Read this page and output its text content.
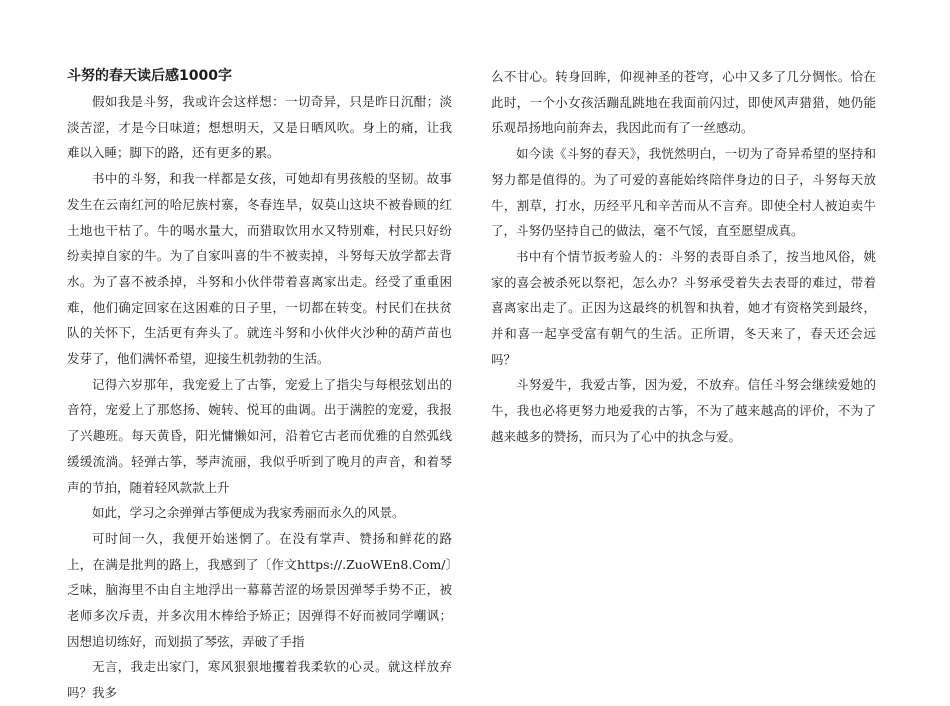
斗努的春天读后感1000字

假如我是斗努，我或许会这样想：一切奇异，只是昨日沉酣；淡淡苦涩，才是今日味道；想想明天，又是日晒风吹。身上的痛，让我难以入睡；脚下的路，还有更多的累。

书中的斗努，和我一样都是女孩，可她却有男孩般的坚韧。故事发生在云南红河的哈尼族村寨，冬春连旱，奴莫山这块不被眷顾的红土地也干枯了。牛的喝水量大，而猎取饮用水又特别难，村民只好纷纷卖掉自家的牛。为了自家叫喜的牛不被卖掉，斗努每天放学都去背水。为了喜不被杀掉，斗努和小伙伴带着喜离家出走。经受了重重困难，他们确定回家在这困难的日子里，一切都在转变。村民们在扶贫队的关怀下，生活更有奔头了。就连斗努和小伙伴火沙种的葫芦苗也发芽了，他们满怀希望，迎接生机勃勃的生活。

记得六岁那年，我宠爱上了古筝，宠爱上了指尖与每根弦划出的音符，宠爱上了那悠扬、婉转、悦耳的曲调。出于满腔的宠爱，我报了兴趣班。每天黄昏，阳光慵懒如河，沿着它古老而优雅的自然弧线缓缓流淌。轻弹古筝，琴声流丽，我似乎听到了晚月的声音，和着琴声的节拍，随着轻风款款上升

如此，学习之余弹弹古筝便成为我家秀丽而永久的风景。

可时间一久，我便开始迷惘了。在没有掌声、赞扬和鲜花的路上，在满是批判的路上，我感到了〔作文https://.ZuoWEn8.Com/〕乏味，脑海里不由自主地浮出一幕幕苦涩的场景因弹琴手势不正，被老师多次斥责，并多次用木棒给予矫正；因弹得不好而被同学嘲讽；因想追切练好，而划损了琴弦，弄破了手指

无言，我走出家门，寒风狠狠地攫着我柔软的心灵。就这样放弃吗？我多

么不甘心。转身回眸，仰视神圣的苍穹，心中又多了几分惆怅。恰在此时，一个小女孩活蹦乱跳地在我面前闪过，即使风声猎猎，她仍能乐观昂扬地向前奔去，我因此而有了一丝感动。

如今读《斗努的春天》，我恍然明白，一切为了奇异希望的坚持和努力都是值得的。为了可爱的喜能始终陪伴身边的日子，斗努每天放牛，割草，打水，历经平凡和辛苦而从不言弃。即使全村人被迫卖牛了，斗努仍坚持自己的做法，毫不气馁，直至愿望成真。

书中有个情节扳考验人的：斗努的表哥自杀了，按当地风俗，姚家的喜会被杀死以祭祀，怎么办？斗努承受着失去表哥的难过，带着喜离家出走了。正因为这最终的机智和执着，她才有资格笑到最终，并和喜一起享受富有朝气的生活。正所谓，冬天来了，春天还会远吗？

斗努爱牛，我爱古筝，因为爱，不放弃。信任斗努会继续爱她的牛，我也必将更努力地爱我的古筝，不为了越来越高的评价，不为了越来越多的赞扬，而只为了心中的执念与爱。
